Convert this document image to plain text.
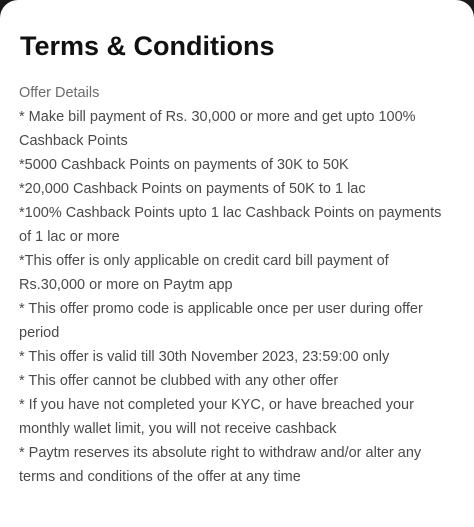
Terms & Conditions

Offer Details

* Make bill payment of Rs. 30,000 or more and get upto 100% Cashback Points
*5000 Cashback Points on payments of 30K to 50K
*20,000 Cashback Points on payments of 50K to 1 lac
*100% Cashback Points upto 1 lac Cashback Points on payments of 1 lac or more
*This offer is only applicable on credit card bill payment of Rs.30,000 or more on Paytm app
* This offer promo code is applicable once per user during offer period
* This offer is valid till 30th November 2023, 23:59:00 only
* This offer cannot be clubbed with any other offer
* If you have not completed your KYC, or have breached your monthly wallet limit, you will not receive cashback
* Paytm reserves its absolute right to withdraw and/or alter any terms and conditions of the offer at any time
